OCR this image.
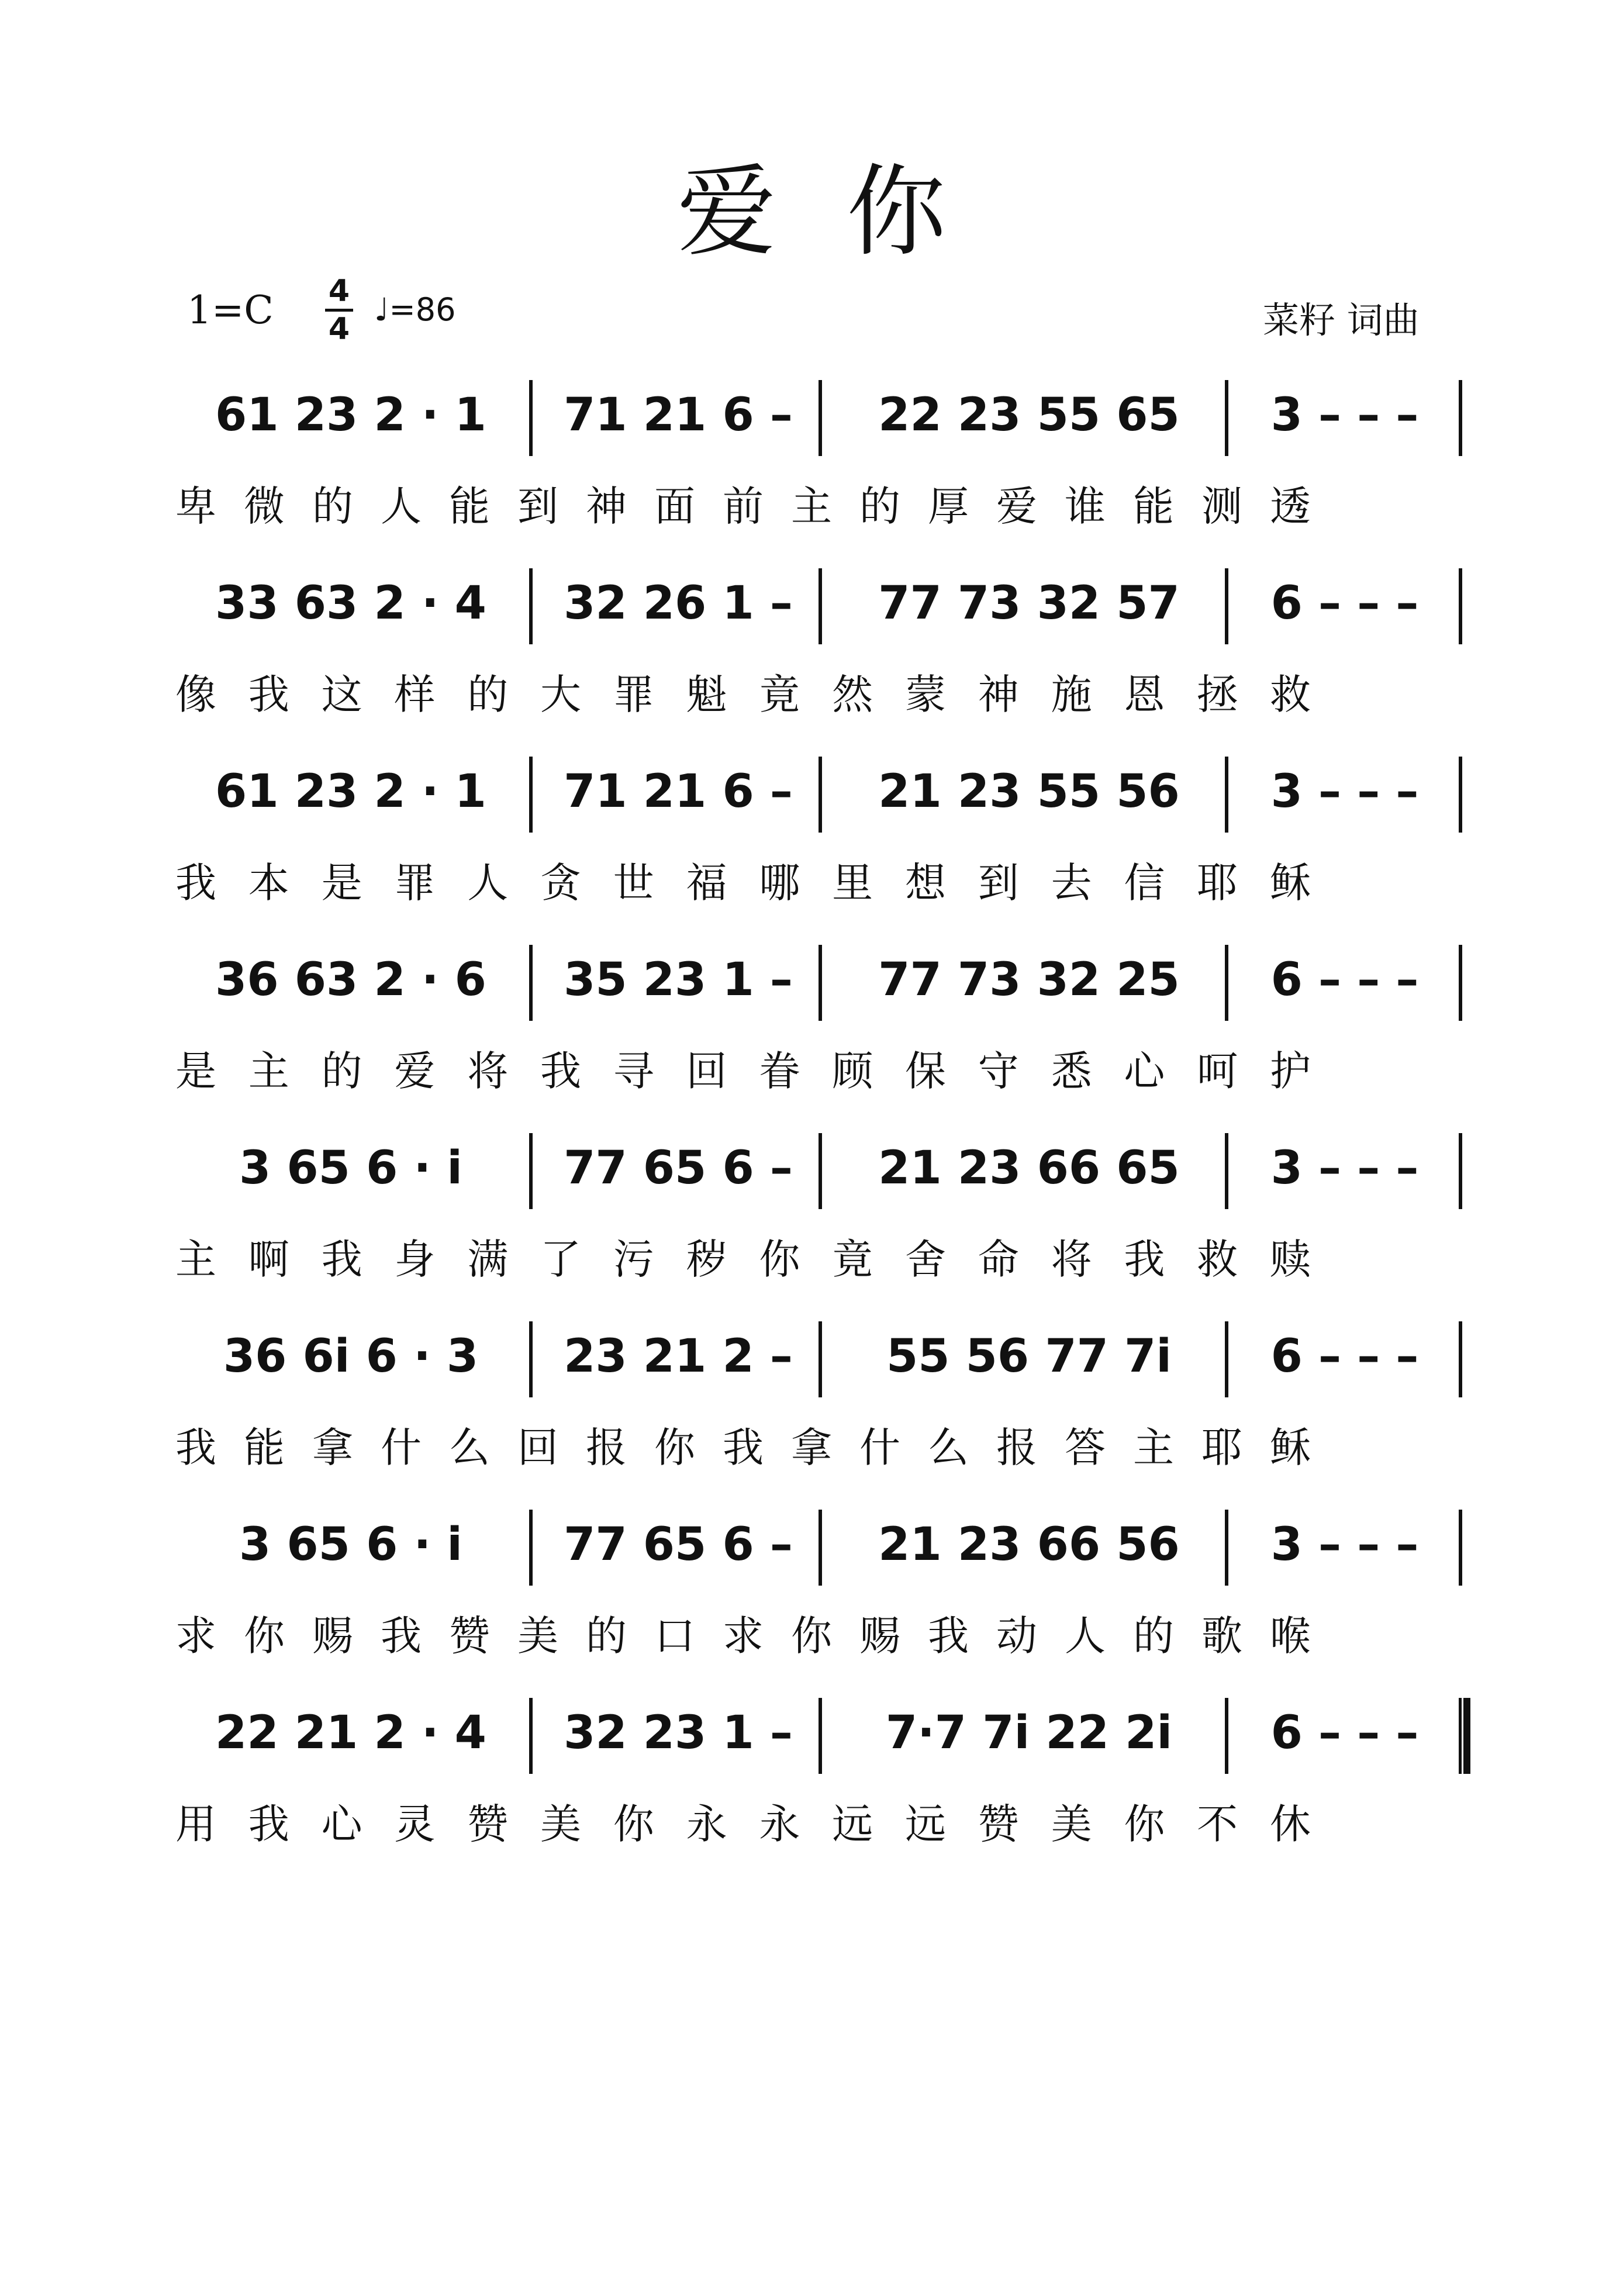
爱你
1=C 4
4
♩=86	菜籽 词曲
61 23 2 · 1	71 21 6 –	22 23 55 65	3 – – –
卑 微 的 人 能 到 神 面 前 主 的 厚 爱 谁 能 测 透
33 63 2 · 4	32 26 1 –	77 73 32 57	6 – – –
像 我 这 样 的 大 罪 魁 竟 然 蒙 神 施 恩 拯 救
61 23 2 · 1	71 21 6 –	21 23 55 56	3 – – –
我 本 是 罪 人 贪 世 福 哪 里 想 到 去 信 耶 稣
36 63 2 · 6	35 23 1 –	77 73 32 25	6 – – –
是 主 的 爱 将 我 寻 回 眷 顾 保 守 悉 心 呵 护
3 65 6 · i	77 65 6 –	21 23 66 65	3 – – –
主 啊 我 身 满 了 污 秽 你 竟 舍 命 将 我 救 赎
36 6i 6 · 3	23 21 2 –	55 56 77 7i	6 – – –
我 能 拿 什 么 回 报 你 我 拿 什 么 报 答 主 耶 稣
3 65 6 · i	77 65 6 –	21 23 66 56	3 – – –
求 你 赐 我 赞 美 的 口 求 你 赐 我 动 人 的 歌 喉
22 21 2 · 4	32 23 1 –	7·7 7i 22 2i	6 – – –
用 我 心 灵 赞 美 你 永 永 远 远 赞 美 你 不 休
